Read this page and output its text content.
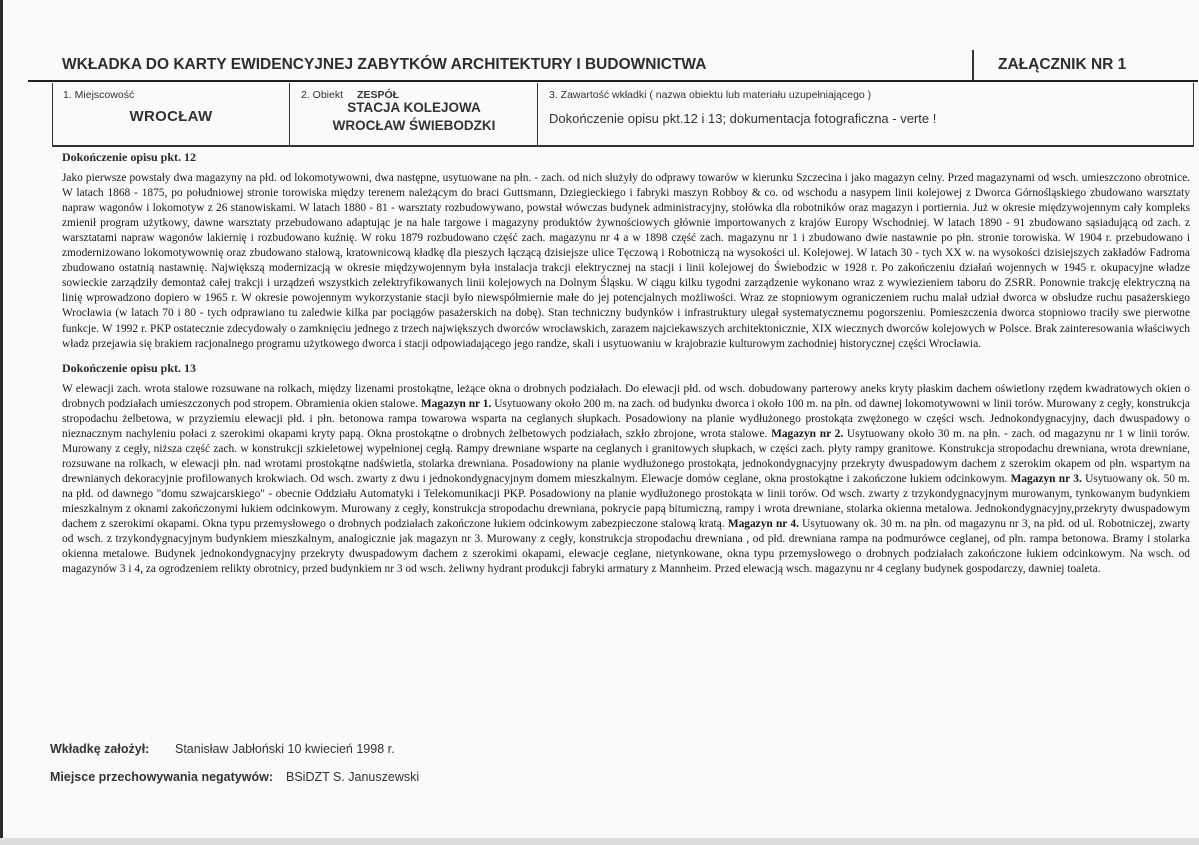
WKŁADKA DO KARTY EWIDENCYJNEJ ZABYTKÓW ARCHITEKTURY I BUDOWNICTWA	ZAŁĄCZNIK NR 1
1. Miejscowość
WROCŁAW
2. Obiekt ZESPÓŁ
STACJA KOLEJOWA
WROCŁAW ŚWIEBODZKI
3. Zawartość wkładki ( nazwa obiektu lub materiału uzupełniającego )
Dokończenie opisu pkt.12 i 13; dokumentacja fotograficzna - verte !
Dokończenie opisu pkt. 12

Jako pierwsze powstały dwa magazyny na płd. od lokomotywowni, dwa następne, usytuowane na płn. - zach. od nich służyły do odprawy towarów w kierunku Szczecina i jako magazyn celny. Przed magazynami od wsch. umieszczono obrotnice. W latach 1868 - 1875, po południowej stronie torowiska między terenem należącym do braci Guttsmann, Dziegieckiego i fabryki maszyn Robboy & co. od wschodu a nasypem linii kolejowej z Dworca Górnośląskiego zbudowano warsztaty napraw wagonów i lokomotyw z 26 stanowiskami. W latach 1880 - 81 - warsztaty rozbudowywano, powstał wówczas budynek administracyjny, stołówka dla robotników oraz magazyn i portiernia. Już w okresie międzywojennym cały kompleks zmienił program użytkowy, dawne warsztaty przebudowano adaptując je na hale targowe i magazyny produktów żywnościowych głównie importowanych z krajów Europy Wschodniej. W latach 1890 - 91 zbudowano sąsiadującą od zach. z warsztatami napraw wagonów lakiernię i rozbudowano kuźnię. W roku 1879 rozbudowano część zach. magazynu nr 4 a w 1898 część zach. magazynu nr 1 i zbudowano dwie nastawnie po płn. stronie torowiska. W 1904 r. przebudowano i zmodernizowano lokomotywownię oraz zbudowano stalową, kratownicową kładkę dla pieszych łączącą dzisiejsze ulice Tęczową i Robotniczą na wysokości ul. Kolejowej. W latach 30 - tych XX w. na wysokości dzisiejszych zakładów Fadroma zbudowano ostatnią nastawnię. Największą modernizacją w okresie międzywojennym była instalacja trakcji elektrycznej na stacji i linii kolejowej do Świebodzic w 1928 r. Po zakończeniu działań wojennych w 1945 r. okupacyjne władze sowieckie zarządziły demontaż całej trakcji i urządzeń wszystkich zelektryfikowanych linii kolejowych na Dolnym Śląsku. W ciągu kilku tygodni zarządzenie wykonano wraz z wywiezieniem taboru do ZSRR. Ponownie trakcję elektryczną na linię wprowadzono dopiero w 1965 r. W okresie powojennym wykorzystanie stacji było niewspółmiernie małe do jej potencjalnych możliwości. Wraz ze stopniowym ograniczeniem ruchu malał udział dworca w obsłudze ruchu pasażerskiego Wrocławia (w latach 70 i 80 - tych odprawiano tu zaledwie kilka par pociągów pasażerskich na dobę). Stan techniczny budynków i infrastruktury ulegał systematycznemu pogorszeniu. Pomieszczenia dworca stopniowo traciły swe pierwotne funkcje. W 1992 r. PKP ostatecznie zdecydowały o zamknięciu jednego z trzech największych dworców wrocławskich, zarazem najciekawszych architektonicznie, XIX wiecznych dworców kolejowych w Polsce. Brak zainteresowania właściwych władz przejawia się brakiem racjonalnego programu użytkowego dworca i stacji odpowiadającego jego randze, skali i usytuowaniu w krajobrazie kulturowym zachodniej historycznej części Wrocławia.

Dokończenie opisu pkt. 13

W elewacji zach. wrota stalowe rozsuwane na rolkach, między lizenami prostokątne, leżące okna o drobnych podziałach. Do elewacji płd. od wsch. dobudowany parterowy aneks kryty płaskim dachem oświetlony rzędem kwadratowych okien o drobnych podziałach umieszczonych pod stropem. Obramienia okien stalowe. Magazyn nr 1. Usytuowany około 200 m. na zach. od budynku dworca i około 100 m. na płn. od dawnej lokomotywowni w linii torów. Murowany z cegły, konstrukcja stropodachu żelbetowa, w przyziemiu elewacji płd. i płn. betonowa rampa towarowa wsparta na ceglanych słupkach. Posadowiony na planie wydłużonego prostokąta zwężonego w części wsch. Jednokondygnacyjny, dach dwuspadowy o nieznacznym nachyleniu połaci z szerokimi okapami kryty papą. Okna prostokątne o drobnych żelbetowych podziałach, szkło zbrojone, wrota stalowe. Magazyn nr 2. Usytuowany około 30 m. na płn. - zach. od magazynu nr 1 w linii torów. Murowany z cegły, niższa część zach. w konstrukcji szkieletowej wypełnionej cegłą. Rampy drewniane wsparte na ceglanych i granitowych słupkach, w części zach. płyty rampy granitowe. Konstrukcja stropodachu drewniana, wrota drewniane, rozsuwane na rolkach, w elewacji płn. nad wrotami prostokątne nadświetla, stolarka drewniana. Posadowiony na planie wydłużonego prostokąta, jednokondygnacyjny przekryty dwuspadowym dachem z szerokim okapem od płn. wspartym na drewnianych dekoracyjnie profilowanych krokwiach. Od wsch. zwarty z dwu i jednokondygnacyjnym domem mieszkalnym. Elewacje domów ceglane, okna prostokątne i zakończone łukiem odcinkowym. Magazyn nr 3. Usytuowany ok. 50 m. na płd. od dawnego "domu szwajcarskiego" - obecnie Oddziału Automatyki i Telekomunikacji PKP. Posadowiony na planie wydłużonego prostokąta w linii torów. Od wsch. zwarty z trzykondygnacyjnym murowanym, tynkowanym budynkiem mieszkalnym z oknami zakończonymi łukiem odcinkowym. Murowany z cegły, konstrukcja stropodachu drewniana, pokrycie papą bitumiczną, rampy i wrota drewniane, stolarka okienna metalowa. Jednokondygnacyjny,przekryty dwuspadowym dachem z szerokimi okapami. Okna typu przemysłowego o drobnych podziałach zakończone łukiem odcinkowym zabezpieczone stalową kratą. Magazyn nr 4. Usytuowany ok. 30 m. na płn. od magazynu nr 3, na płd. od ul. Robotniczej, zwarty od wsch. z trzykondygnacyjnym budynkiem mieszkalnym, analogicznie jak magazyn nr 3. Murowany z cegły, konstrukcja stropodachu drewniana , od płd. drewniana rampa na podmurówce ceglanej, od płn. rampa betonowa. Bramy i stolarka okienna metalowe. Budynek jednokondygnacyjny przekryty dwuspadowym dachem z szerokimi okapami, elewacje ceglane, nietynkowane, okna typu przemysłowego o drobnych podziałach zakończone łukiem odcinkowym. Na wsch. od magazynów 3 i 4, za ogrodzeniem relikty obrotnicy, przed budynkiem nr 3 od wsch. żeliwny hydrant produkcji fabryki armatury z Mannheim. Przed elewacją wsch. magazynu nr 4 ceglany budynek gospodarczy, dawniej toaleta.

Wkładkę założył: Stanisław Jabłoński 10 kwiecień 1998 r.
Miejsce przechowywania negatywów: BSiDZT S. Januszewski
